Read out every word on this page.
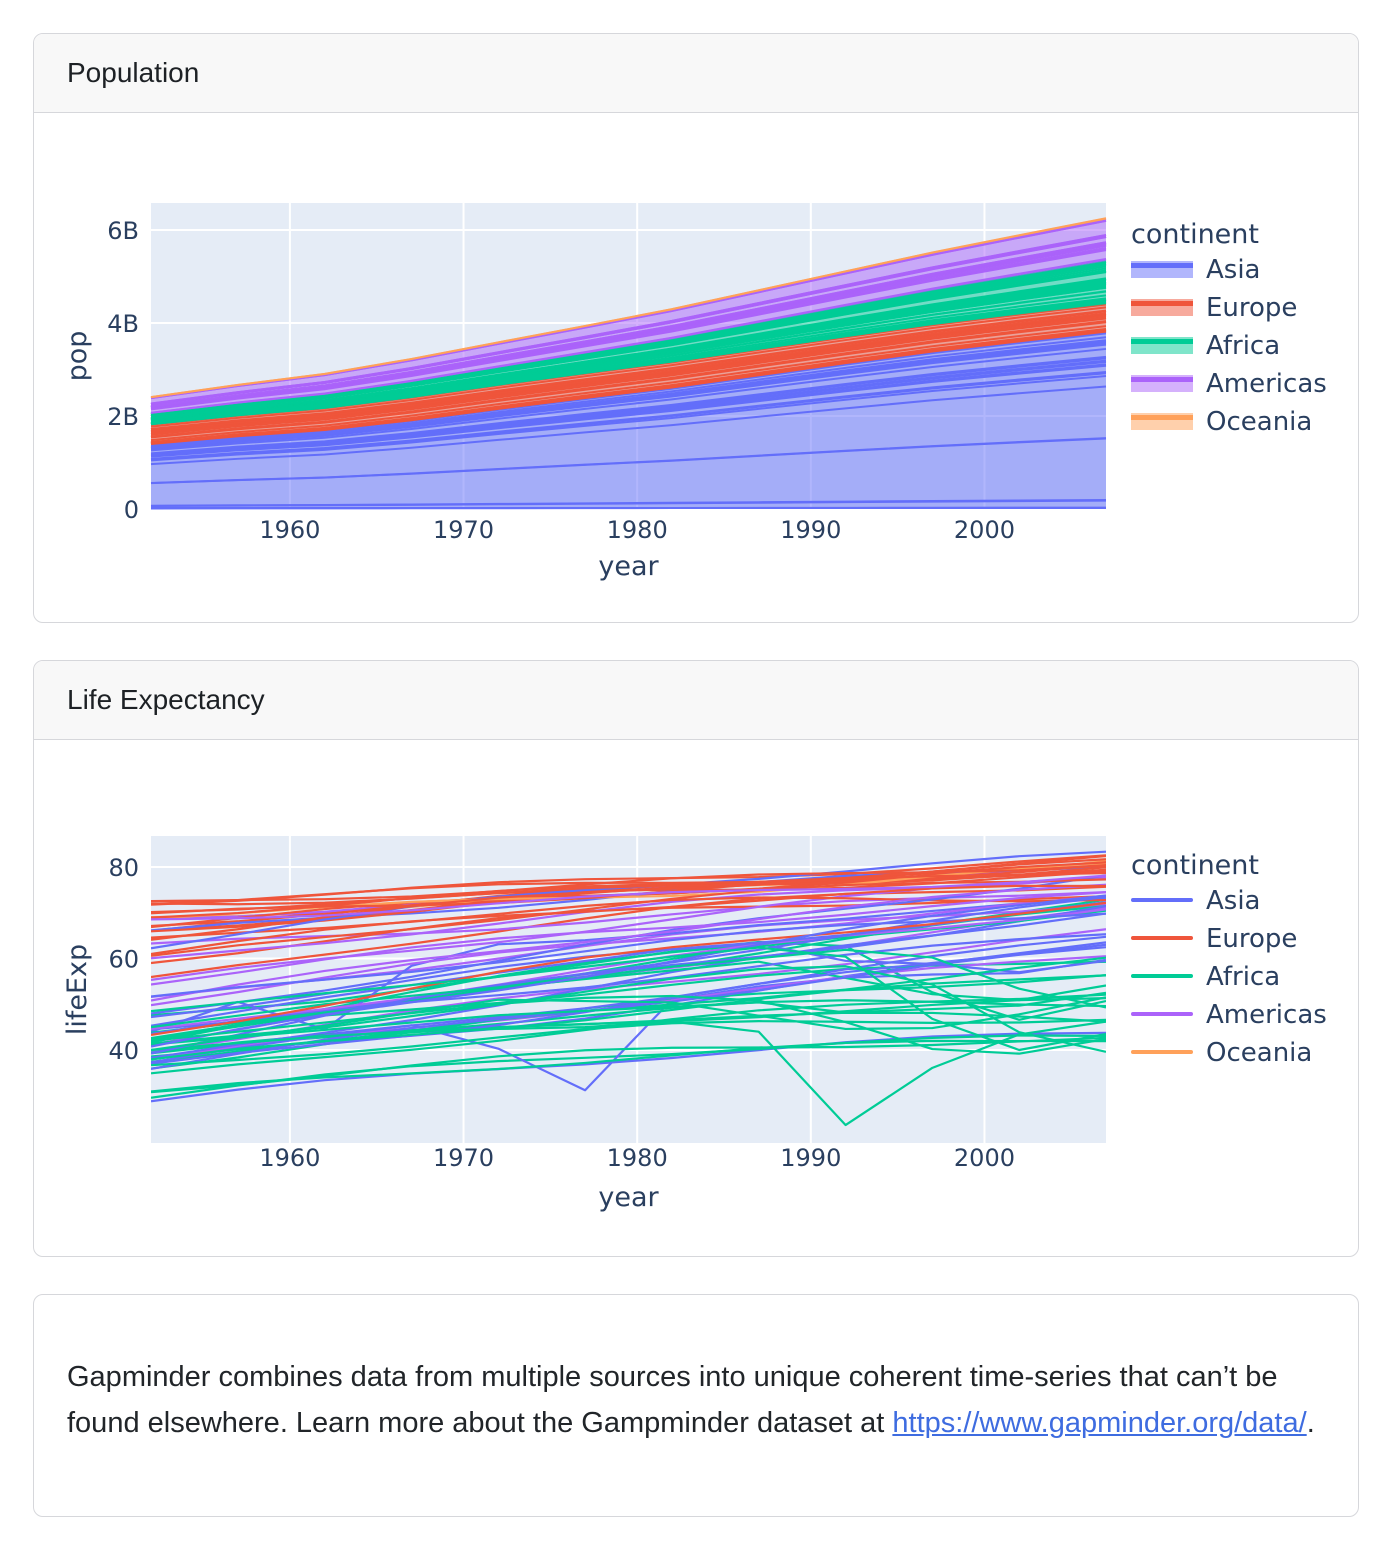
Population
1960	1970	1980	1990	2000
0
2B
4B
6B
year
pop
continent
Asia
Europe
Africa
Americas
Oceania
Life Expectancy
1960	1970	1980	1990	2000
40
60
80
year
lifeExp
continent
Asia
Europe
Africa
Americas
Oceania

Gapminder combines data from multiple sources into unique coherent time-series that can’t be found elsewhere. Learn more about the Gampminder dataset at https://www.gapminder.org/data/.
